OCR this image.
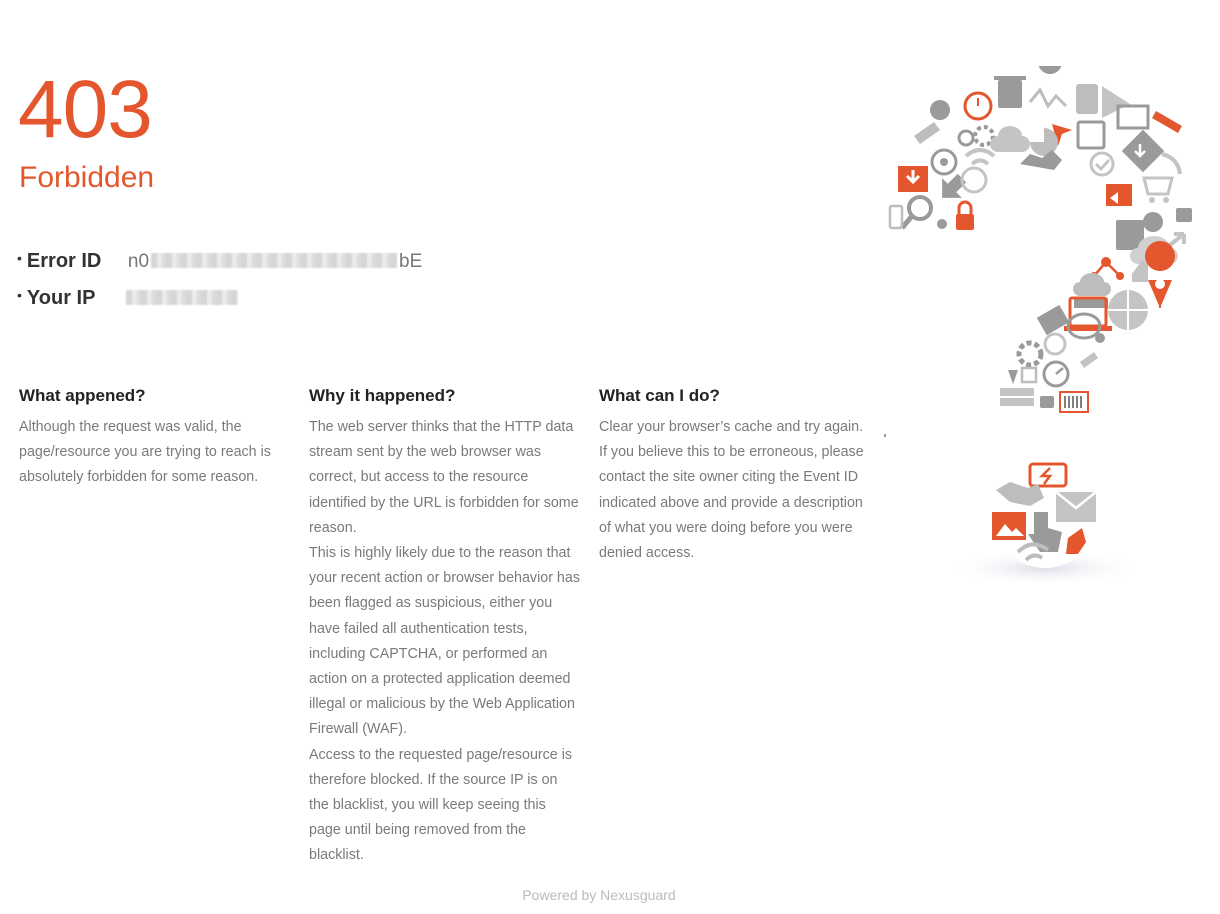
403
Forbidden
• Error ID	n0	bE
• Your IP
What appened?

Although the request was valid, the page/resource you are trying to reach is absolutely forbidden for some reason.

Why it happened?

The web server thinks that the HTTP data stream sent by the web browser was correct, but access to the resource identified by the URL is forbidden for some reason.

This is highly likely due to the reason that your recent action or browser behavior has been flagged as suspicious, either you have failed all authentication tests, including CAPTCHA, or performed an action on a protected application deemed illegal or malicious by the Web Application Firewall (WAF).

Access to the requested page/resource is therefore blocked. If the source IP is on the blacklist, you will keep seeing this page until being removed from the blacklist.

What can I do?

Clear your browser’s cache and try again. If you believe this to be erroneous, please contact the site owner citing the Event ID indicated above and provide a description of what you were doing before you were denied access.

Powered by Nexusguard
